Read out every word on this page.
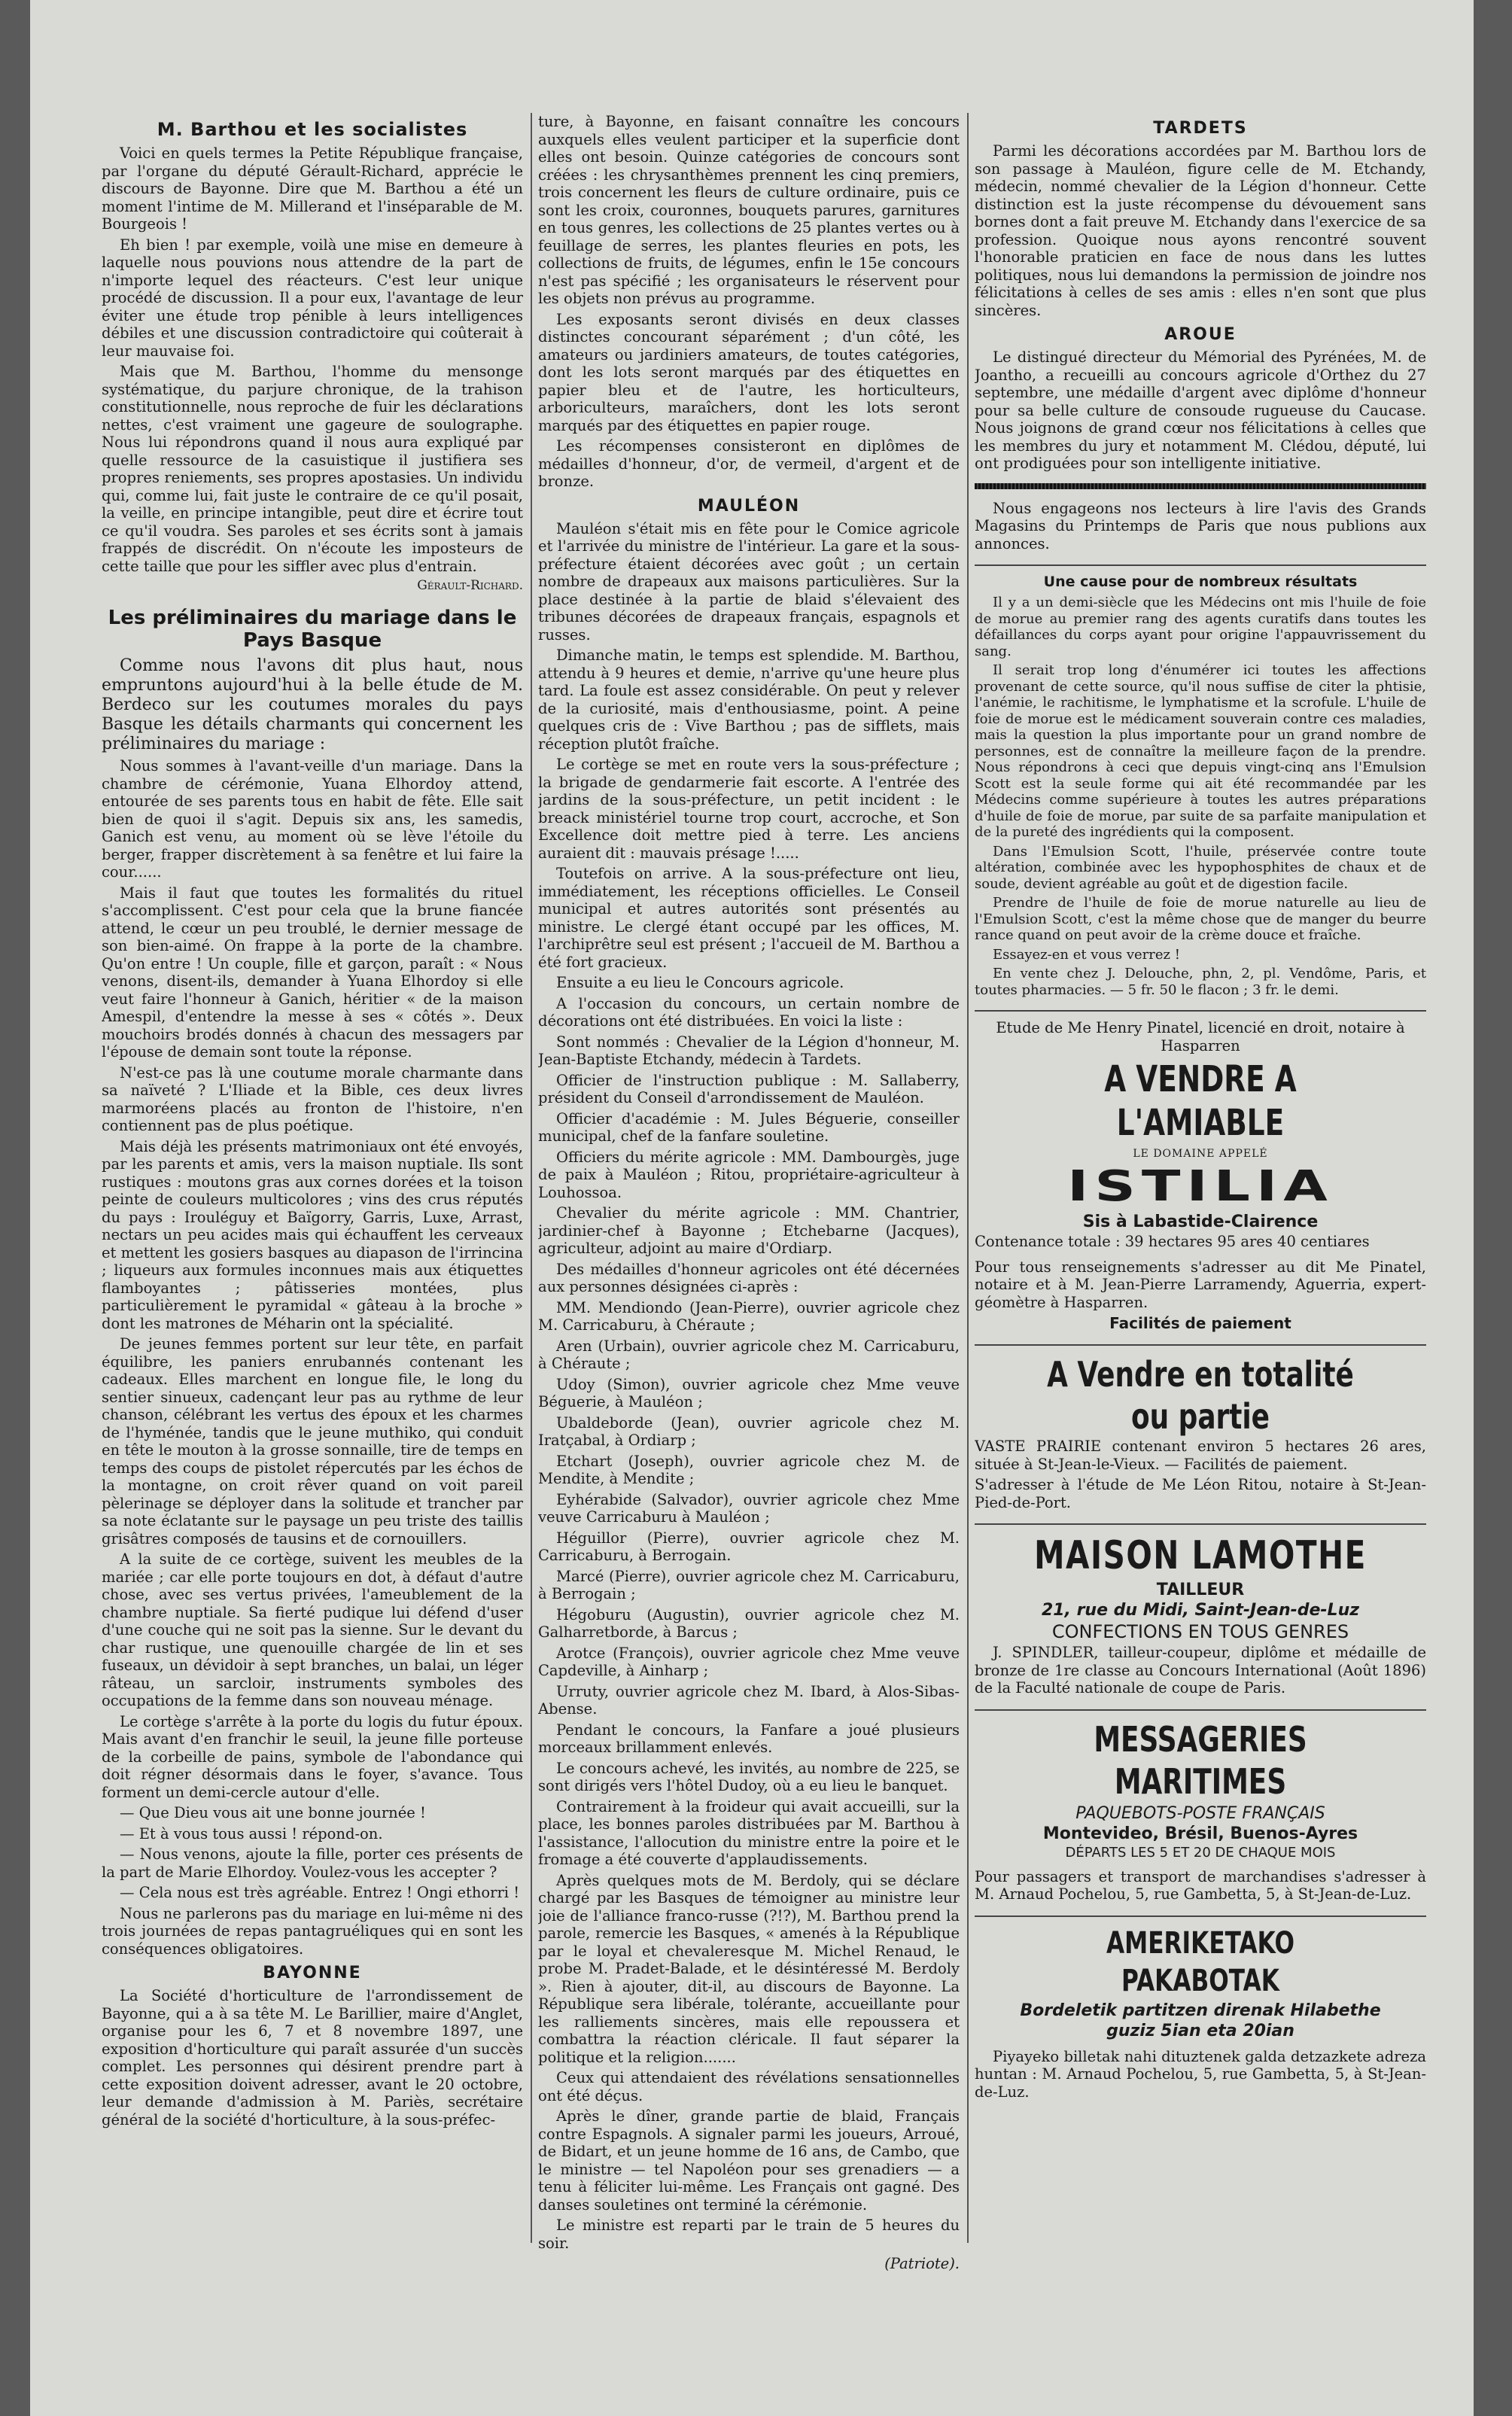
M. Barthou et les socialistes

Voici en quels termes la Petite République française, par l'organe du député Gérault-Richard, apprécie le discours de Bayonne. Dire que M. Barthou a été un moment l'intime de M. Millerand et l'inséparable de M. Bourgeois !

Eh bien ! par exemple, voilà une mise en demeure à laquelle nous pouvions nous attendre de la part de n'importe lequel des réacteurs. C'est leur unique procédé de discussion. Il a pour eux, l'avantage de leur éviter une étude trop pénible à leurs intelligences débiles et une discussion contradictoire qui coûterait à leur mauvaise foi.

Mais que M. Barthou, l'homme du mensonge systématique, du parjure chronique, de la trahison constitutionnelle, nous reproche de fuir les déclarations nettes, c'est vraiment une gageure de soulographe. Nous lui répondrons quand il nous aura expliqué par quelle ressource de la casuistique il justifiera ses propres reniements, ses propres apostasies. Un individu qui, comme lui, fait juste le contraire de ce qu'il posait, la veille, en principe intangible, peut dire et écrire tout ce qu'il voudra. Ses paroles et ses écrits sont à jamais frappés de discrédit. On n'écoute les imposteurs de cette taille que pour les siffler avec plus d'entrain.

Gérault-Richard.
Les préliminaires du mariage dans le Pays Basque

Comme nous l'avons dit plus haut, nous empruntons aujourd'hui à la belle étude de M. Berdeco sur les coutumes morales du pays Basque les détails charmants qui concernent les préliminaires du mariage :

Nous sommes à l'avant-veille d'un mariage. Dans la chambre de cérémonie, Yuana Elhordoy attend, entourée de ses parents tous en habit de fête. Elle sait bien de quoi il s'agit. Depuis six ans, les samedis, Ganich est venu, au moment où se lève l'étoile du berger, frapper discrètement à sa fenêtre et lui faire la cour......

Mais il faut que toutes les formalités du rituel s'accomplissent. C'est pour cela que la brune fiancée attend, le cœur un peu troublé, le dernier message de son bien-aimé. On frappe à la porte de la chambre. Qu'on entre ! Un couple, fille et garçon, paraît : « Nous venons, disent-ils, demander à Yuana Elhordoy si elle veut faire l'honneur à Ganich, héritier « de la maison Amespil, d'entendre la messe à ses « côtés ». Deux mouchoirs brodés donnés à chacun des messagers par l'épouse de demain sont toute la réponse.

N'est-ce pas là une coutume morale charmante dans sa naïveté ? L'Iliade et la Bible, ces deux livres marmoréens placés au fronton de l'histoire, n'en contiennent pas de plus poétique.

Mais déjà les présents matrimoniaux ont été envoyés, par les parents et amis, vers la maison nuptiale. Ils sont rustiques : moutons gras aux cornes dorées et la toison peinte de couleurs multicolores ; vins des crus réputés du pays : Irouléguy et Baïgorry, Garris, Luxe, Arrast, nectars un peu acides mais qui échauffent les cerveaux et mettent les gosiers basques au diapason de l'irrincina ; liqueurs aux formules inconnues mais aux étiquettes flamboyantes ; pâtisseries montées, plus particulièrement le pyramidal « gâteau à la broche » dont les matrones de Méharin ont la spécialité.

De jeunes femmes portent sur leur tête, en parfait équilibre, les paniers enrubannés contenant les cadeaux. Elles marchent en longue file, le long du sentier sinueux, cadençant leur pas au rythme de leur chanson, célébrant les vertus des époux et les charmes de l'hyménée, tandis que le jeune muthiko, qui conduit en tête le mouton à la grosse sonnaille, tire de temps en temps des coups de pistolet répercutés par les échos de la montagne, on croit rêver quand on voit pareil pèlerinage se déployer dans la solitude et trancher par sa note éclatante sur le paysage un peu triste des taillis grisâtres composés de tausins et de cornouillers.

A la suite de ce cortège, suivent les meubles de la mariée ; car elle porte toujours en dot, à défaut d'autre chose, avec ses vertus privées, l'ameublement de la chambre nuptiale. Sa fierté pudique lui défend d'user d'une couche qui ne soit pas la sienne. Sur le devant du char rustique, une quenouille chargée de lin et ses fuseaux, un dévidoir à sept branches, un balai, un léger râteau, un sarcloir, instruments symboles des occupations de la femme dans son nouveau ménage.

Le cortège s'arrête à la porte du logis du futur époux. Mais avant d'en franchir le seuil, la jeune fille porteuse de la corbeille de pains, symbole de l'abondance qui doit régner désormais dans le foyer, s'avance. Tous forment un demi-cercle autour d'elle.

— Que Dieu vous ait une bonne journée !

— Et à vous tous aussi ! répond-on.

— Nous venons, ajoute la fille, porter ces présents de la part de Marie Elhordoy. Voulez-vous les accepter ?

— Cela nous est très agréable. Entrez ! Ongi ethorri !

Nous ne parlerons pas du mariage en lui-même ni des trois journées de repas pantagruéliques qui en sont les conséquences obligatoires.

BAYONNE

La Société d'horticulture de l'arrondissement de Bayonne, qui a à sa tête M. Le Barillier, maire d'Anglet, organise pour les 6, 7 et 8 novembre 1897, une exposition d'horticulture qui paraît assurée d'un succès complet. Les personnes qui désirent prendre part à cette exposition doivent adresser, avant le 20 octobre, leur demande d'admission à M. Pariès, secrétaire général de la société d'horticulture, à la sous-préfec-

ture, à Bayonne, en faisant connaître les concours auxquels elles veulent participer et la superficie dont elles ont besoin. Quinze catégories de concours sont créées : les chrysanthèmes prennent les cinq premiers, trois concernent les fleurs de culture ordinaire, puis ce sont les croix, couronnes, bouquets parures, garnitures en tous genres, les collections de 25 plantes vertes ou à feuillage de serres, les plantes fleuries en pots, les collections de fruits, de légumes, enfin le 15e concours n'est pas spécifié ; les organisateurs le réservent pour les objets non prévus au programme.

Les exposants seront divisés en deux classes distinctes concourant séparément ; d'un côté, les amateurs ou jardiniers amateurs, de toutes catégories, dont les lots seront marqués par des étiquettes en papier bleu et de l'autre, les horticulteurs, arboriculteurs, maraîchers, dont les lots seront marqués par des étiquettes en papier rouge.

Les récompenses consisteront en diplômes de médailles d'honneur, d'or, de vermeil, d'argent et de bronze.

MAULÉON

Mauléon s'était mis en fête pour le Comice agricole et l'arrivée du ministre de l'intérieur. La gare et la sous-préfecture étaient décorées avec goût ; un certain nombre de drapeaux aux maisons particulières. Sur la place destinée à la partie de blaid s'élevaient des tribunes décorées de drapeaux français, espagnols et russes.

Dimanche matin, le temps est splendide. M. Barthou, attendu à 9 heures et demie, n'arrive qu'une heure plus tard. La foule est assez considérable. On peut y relever de la curiosité, mais d'enthousiasme, point. A peine quelques cris de : Vive Barthou ; pas de sifflets, mais réception plutôt fraîche.

Le cortège se met en route vers la sous-préfecture ; la brigade de gendarmerie fait escorte. A l'entrée des jardins de la sous-préfecture, un petit incident : le breack ministériel tourne trop court, accroche, et Son Excellence doit mettre pied à terre. Les anciens auraient dit : mauvais présage !.....

Toutefois on arrive. A la sous-préfecture ont lieu, immédiatement, les réceptions officielles. Le Conseil municipal et autres autorités sont présentés au ministre. Le clergé étant occupé par les offices, M. l'archiprêtre seul est présent ; l'accueil de M. Barthou a été fort gracieux.

Ensuite a eu lieu le Concours agricole.

A l'occasion du concours, un certain nombre de décorations ont été distribuées. En voici la liste :

Sont nommés : Chevalier de la Légion d'honneur, M. Jean-Baptiste Etchandy, médecin à Tardets.

Officier de l'instruction publique : M. Sallaberry, président du Conseil d'arrondissement de Mauléon.

Officier d'académie : M. Jules Béguerie, conseiller municipal, chef de la fanfare souletine.

Officiers du mérite agricole : MM. Dambourgès, juge de paix à Mauléon ; Ritou, propriétaire-agriculteur à Louhossoa.

Chevalier du mérite agricole : MM. Chantrier, jardinier-chef à Bayonne ; Etchebarne (Jacques), agriculteur, adjoint au maire d'Ordiarp.

Des médailles d'honneur agricoles ont été décernées aux personnes désignées ci-après :

MM. Mendiondo (Jean-Pierre), ouvrier agricole chez M. Carricaburu, à Chéraute ;

Aren (Urbain), ouvrier agricole chez M. Carricaburu, à Chéraute ;

Udoy (Simon), ouvrier agricole chez Mme veuve Béguerie, à Mauléon ;

Ubaldeborde (Jean), ouvrier agricole chez M. Iratçabal, à Ordiarp ;

Etchart (Joseph), ouvrier agricole chez M. de Mendite, à Mendite ;

Eyhérabide (Salvador), ouvrier agricole chez Mme veuve Carricaburu à Mauléon ;

Héguillor (Pierre), ouvrier agricole chez M. Carricaburu, à Berrogain.

Marcé (Pierre), ouvrier agricole chez M. Carricaburu, à Berrogain ;

Hégoburu (Augustin), ouvrier agricole chez M. Galharretborde, à Barcus ;

Arotce (François), ouvrier agricole chez Mme veuve Capdeville, à Ainharp ;

Urruty, ouvrier agricole chez M. Ibard, à Alos-Sibas-Abense.

Pendant le concours, la Fanfare a joué plusieurs morceaux brillamment enlevés.

Le concours achevé, les invités, au nombre de 225, se sont dirigés vers l'hôtel Dudoy, où a eu lieu le banquet.

Contrairement à la froideur qui avait accueilli, sur la place, les bonnes paroles distribuées par M. Barthou à l'assistance, l'allocution du ministre entre la poire et le fromage a été couverte d'applaudissements.

Après quelques mots de M. Berdoly, qui se déclare chargé par les Basques de témoigner au ministre leur joie de l'alliance franco-russe (?!?), M. Barthou prend la parole, remercie les Basques, « amenés à la République par le loyal et chevaleresque M. Michel Renaud, le probe M. Pradet-Balade, et le désintéressé M. Berdoly ». Rien à ajouter, dit-il, au discours de Bayonne. La République sera libérale, tolérante, accueillante pour les ralliements sincères, mais elle repoussera et combattra la réaction cléricale. Il faut séparer la politique et la religion.......

Ceux qui attendaient des révélations sensationnelles ont été déçus.

Après le dîner, grande partie de blaid, Français contre Espagnols. A signaler parmi les joueurs, Arroué, de Bidart, et un jeune homme de 16 ans, de Cambo, que le ministre — tel Napoléon pour ses grenadiers — a tenu à féliciter lui-même. Les Français ont gagné. Des danses souletines ont terminé la cérémonie.

Le ministre est reparti par le train de 5 heures du soir.

(Patriote).
TARDETS

Parmi les décorations accordées par M. Barthou lors de son passage à Mauléon, figure celle de M. Etchandy, médecin, nommé chevalier de la Légion d'honneur. Cette distinction est la juste récompense du dévouement sans bornes dont a fait preuve M. Etchandy dans l'exercice de sa profession. Quoique nous ayons rencontré souvent l'honorable praticien en face de nous dans les luttes politiques, nous lui demandons la permission de joindre nos félicitations à celles de ses amis : elles n'en sont que plus sincères.

AROUE

Le distingué directeur du Mémorial des Pyrénées, M. de Joantho, a recueilli au concours agricole d'Orthez du 27 septembre, une médaille d'argent avec diplôme d'honneur pour sa belle culture de consoude rugueuse du Caucase. Nous joignons de grand cœur nos félicitations à celles que les membres du jury et notamment M. Clédou, député, lui ont prodiguées pour son intelligente initiative.

Nous engageons nos lecteurs à lire l'avis des Grands Magasins du Printemps de Paris que nous publions aux annonces.

Une cause pour de nombreux résultats

Il y a un demi-siècle que les Médecins ont mis l'huile de foie de morue au premier rang des agents curatifs dans toutes les défaillances du corps ayant pour origine l'appauvrissement du sang.

Il serait trop long d'énumérer ici toutes les affections provenant de cette source, qu'il nous suffise de citer la phtisie, l'anémie, le rachitisme, le lymphatisme et la scrofule. L'huile de foie de morue est le médicament souverain contre ces maladies, mais la question la plus importante pour un grand nombre de personnes, est de connaître la meilleure façon de la prendre. Nous répondrons à ceci que depuis vingt-cinq ans l'Emulsion Scott est la seule forme qui ait été recommandée par les Médecins comme supérieure à toutes les autres préparations d'huile de foie de morue, par suite de sa parfaite manipulation et de la pureté des ingrédients qui la composent.

Dans l'Emulsion Scott, l'huile, préservée contre toute altération, combinée avec les hypophosphites de chaux et de soude, devient agréable au goût et de digestion facile.

Prendre de l'huile de foie de morue naturelle au lieu de l'Emulsion Scott, c'est la même chose que de manger du beurre rance quand on peut avoir de la crème douce et fraîche.

Essayez-en et vous verrez !

En vente chez J. Delouche, phn, 2, pl. Vendôme, Paris, et toutes pharmacies. — 5 fr. 50 le flacon ; 3 fr. le demi.

Etude de Me Henry Pinatel, licencié en droit, notaire à Hasparren

A VENDRE A L'AMIABLE
LE DOMAINE APPELÉ
ISTILIA
Sis à Labastide-Clairence

Contenance totale : 39 hectares 95 ares 40 centiares

Pour tous renseignements s'adresser au dit Me Pinatel, notaire et à M. Jean-Pierre Larramendy, Aguerria, expert-géomètre à Hasparren.

Facilités de paiement
A Vendre en totalité ou partie

VASTE PRAIRIE contenant environ 5 hectares 26 ares, située à St-Jean-le-Vieux. — Facilités de paiement.

S'adresser à l'étude de Me Léon Ritou, notaire à St-Jean-Pied-de-Port.

MAISON LAMOTHE
TAILLEUR
21, rue du Midi, Saint-Jean-de-Luz
CONFECTIONS EN TOUS GENRES

J. SPINDLER, tailleur-coupeur, diplôme et médaille de bronze de 1re classe au Concours International (Août 1896) de la Faculté nationale de coupe de Paris.

MESSAGERIES MARITIMES
PAQUEBOTS-POSTE FRANÇAIS
Montevideo, Brésil, Buenos-Ayres
DÉPARTS LES 5 ET 20 DE CHAQUE MOIS

Pour passagers et transport de marchandises s'adresser à M. Arnaud Pochelou, 5, rue Gambetta, 5, à St-Jean-de-Luz.

AMERIKETAKO PAKABOTAK
Bordeletik partitzen direnak Hilabethe
guziz 5ian eta 20ian

Piyayeko billetak nahi dituztenek galda detzazkete adreza huntan : M. Arnaud Pochelou, 5, rue Gambetta, 5, à St-Jean-de-Luz.
